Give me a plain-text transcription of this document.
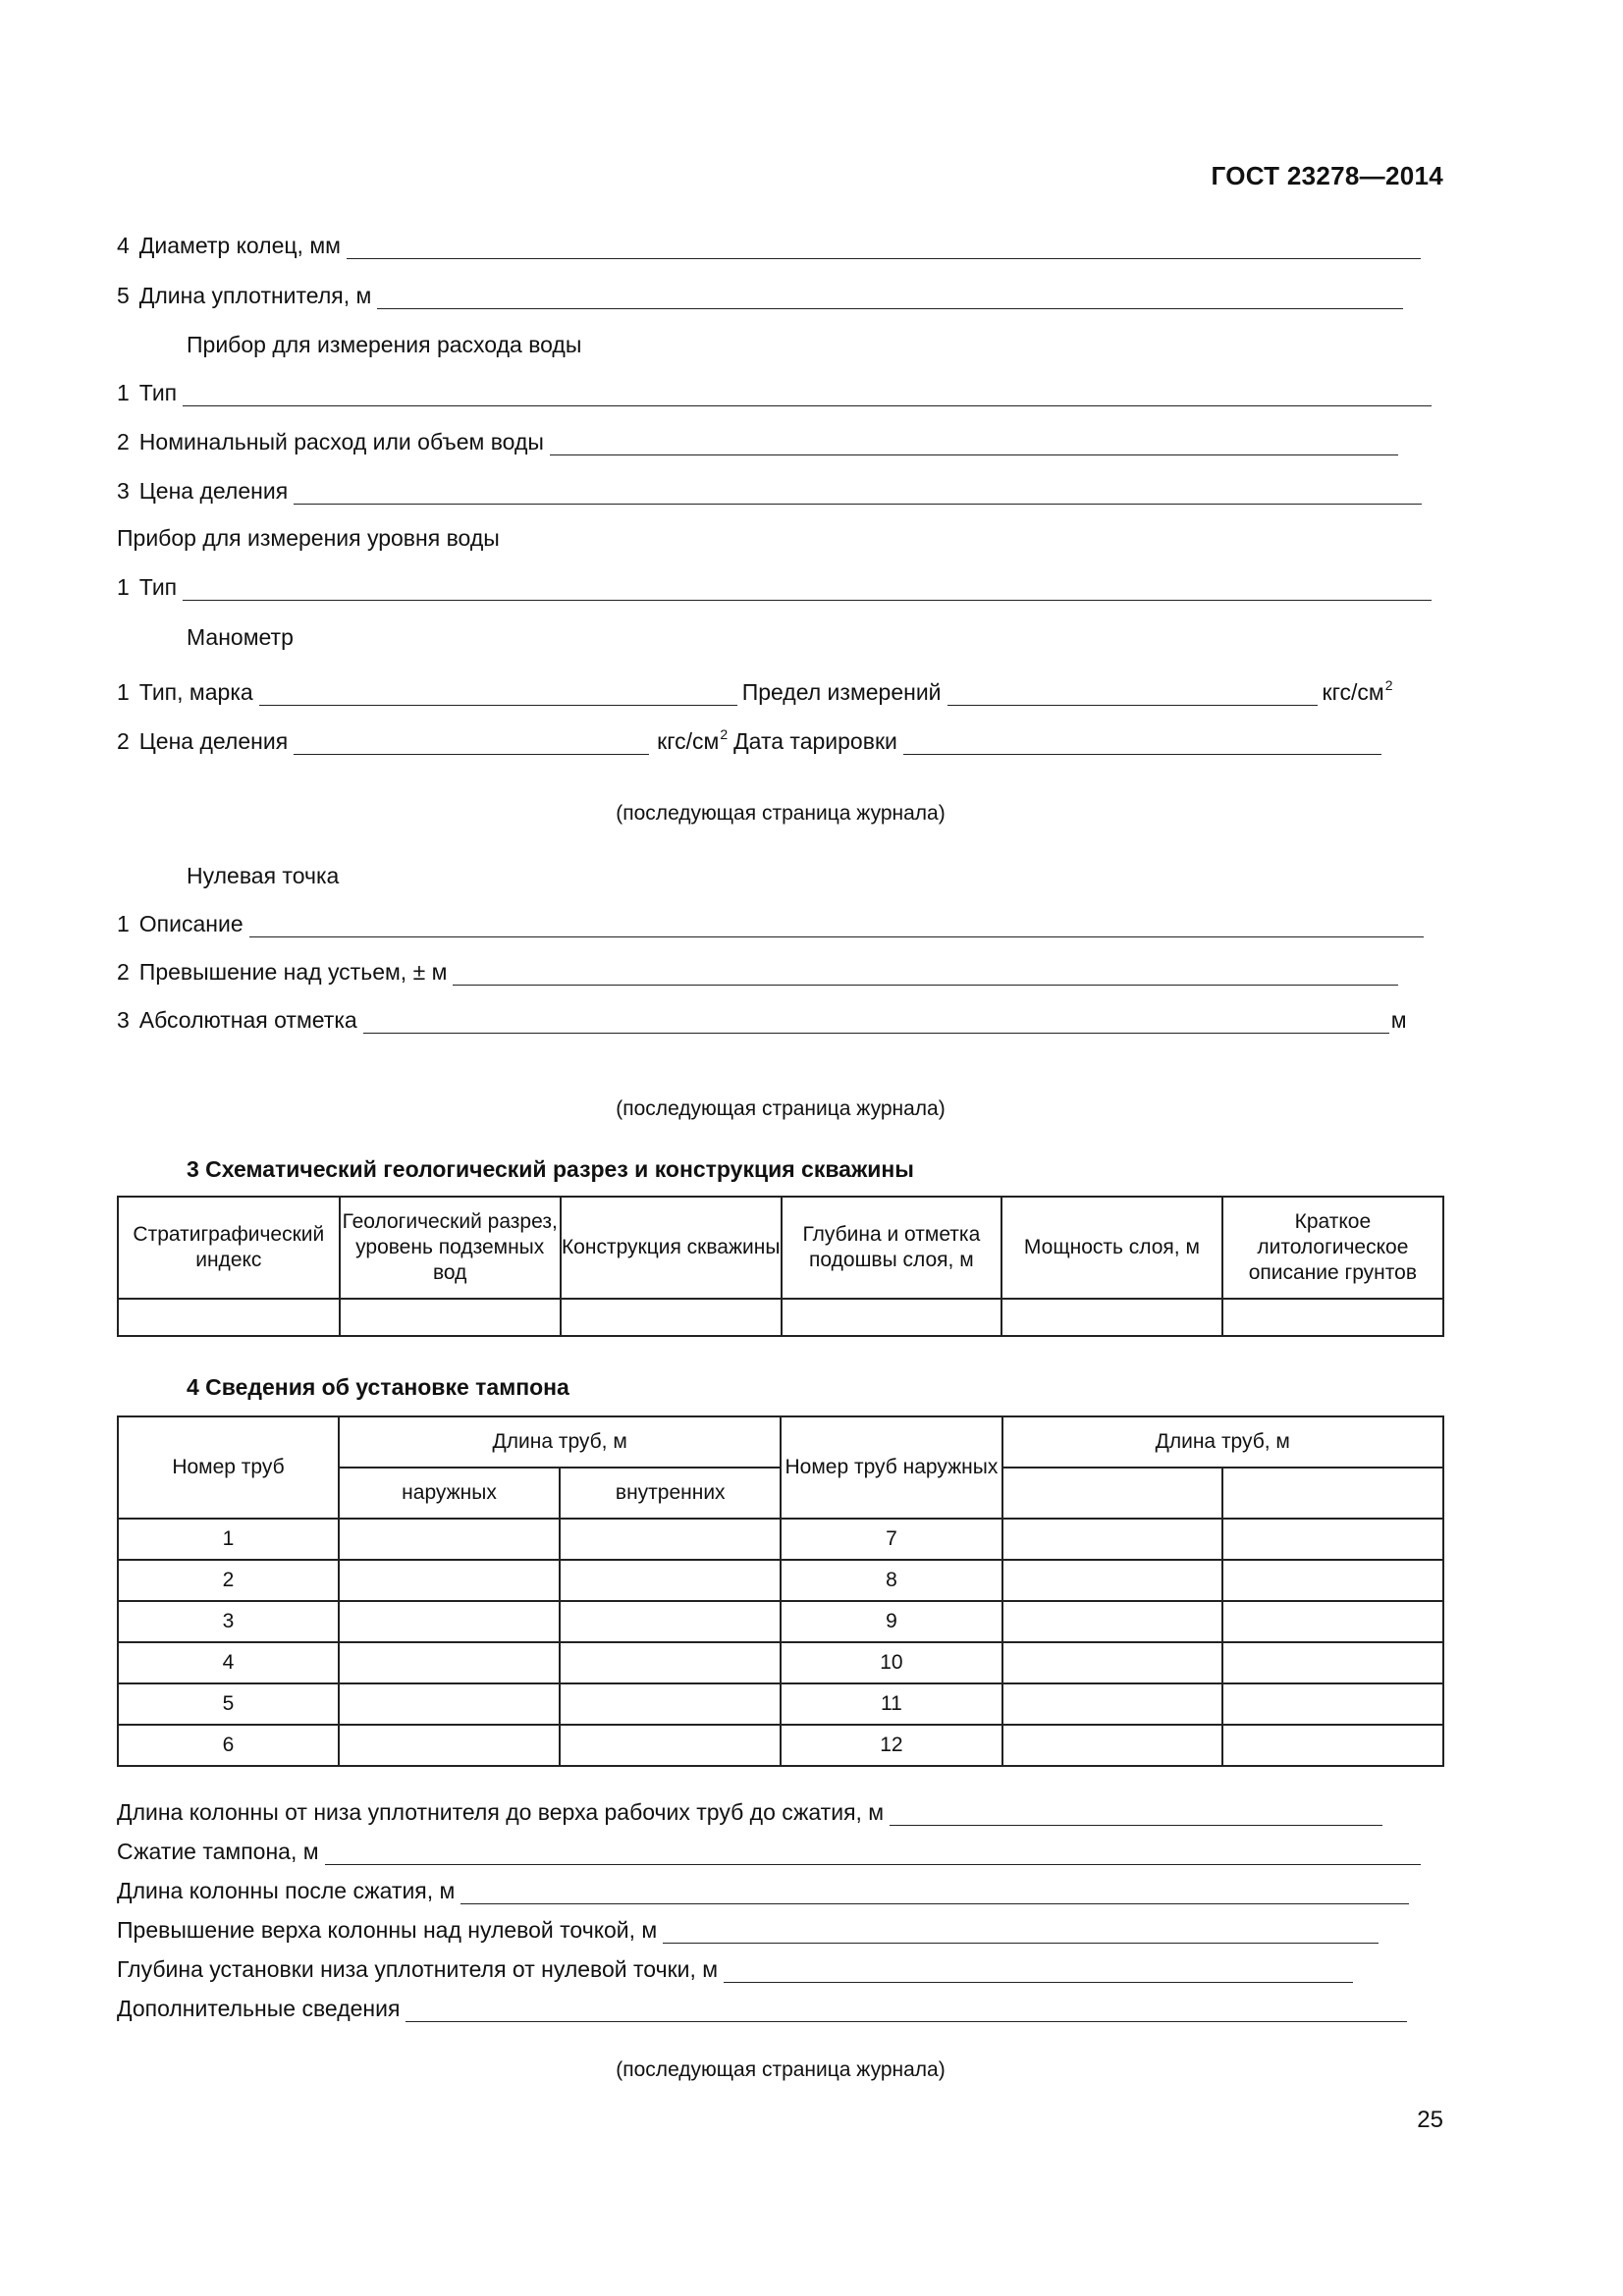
ГОСТ 23278—2014
4 Диаметр колец, мм
5 Длина уплотнителя, м
Прибор для измерения расхода воды
1 Тип
2 Номинальный расход или объем воды
3 Цена деления
Прибор для измерения уровня воды
1 Тип
Манометр
1 Тип, марка	Предел измерений	кгс/$см^2$
2 Цена деления	кгс/$см^2$ Дата тарировки
(последующая страница журнала)
Нулевая точка
1 Описание
2 Превышение над устьем, ± м
3 Абсолютная отметка	м
(последующая страница журнала)
3 Схематический геологический разрез и конструкция скважины
Стратиграфический индекс	Геологический разрез, уровень подземных вод	Конструкция скважины	Глубина и отметка подошвы слоя, м	Мощность слоя, м	Краткое литологическое описание грунтов

4 Сведения об установке тампона
Номер труб	Длина труб, м		Номер труб наружных	Длина труб, м	
	наружных	внутренних			
1			7		
2			8		
3			9		
4			10		
5			11		
6			12		
Длина колонны от низа уплотнителя до верха рабочих труб до сжатия, м
Сжатие тампона, м
Длина колонны после сжатия, м
Превышение верха колонны над нулевой точкой, м
Глубина установки низа уплотнителя от нулевой точки, м
Дополнительные сведения
(последующая страница журнала)
25
